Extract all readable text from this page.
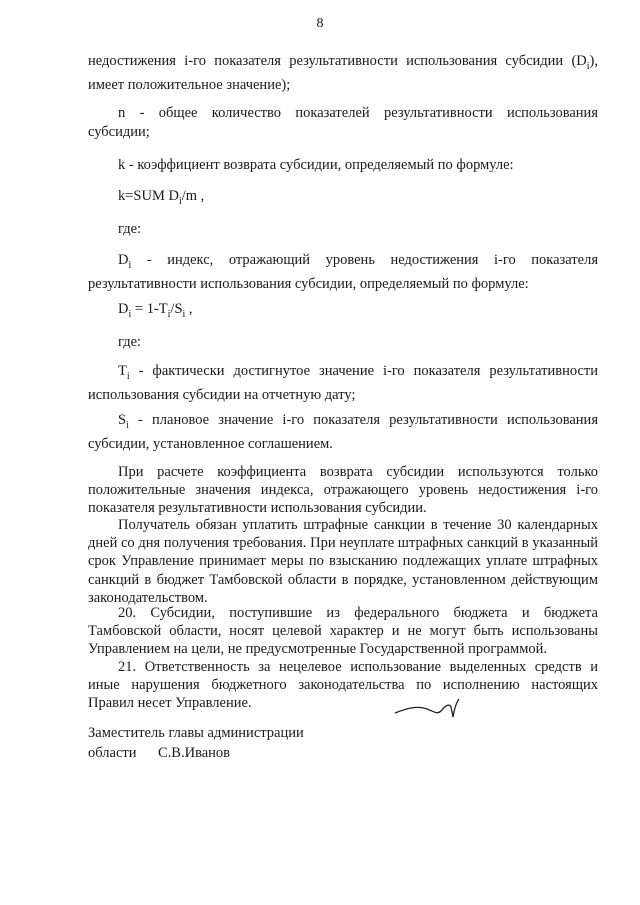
8

недостижения i-го показателя результативности использования субсидии $(D_i)$, имеет положительное значение);

n - общее количество показателей результативности использования субсидии;

k - коэффициент возврата субсидии, определяемый по формуле:

k=SUM $D_i/m$ ,

где:

$D_i$ - индекс, отражающий уровень недостижения i-го показателя результативности использования субсидии, определяемый по формуле:

$D_i = 1-T_i/S_i$ ,

где:

$T_i$ - фактически достигнутое значение i-го показателя результативности использования субсидии на отчетную дату;

$S_i$ - плановое значение i-го показателя результативности использования субсидии, установленное соглашением.

При расчете коэффициента возврата субсидии используются только положительные значения индекса, отражающего уровень недостижения i-го показателя результативности использования субсидии.

Получатель обязан уплатить штрафные санкции в течение 30 календарных дней со дня получения требования. При неуплате штрафных санкций в указанный срок Управление принимает меры по взысканию подлежащих уплате штрафных санкций в бюджет Тамбовской области в порядке, установленном действующим законодательством.

20. Субсидии, поступившие из федерального бюджета и бюджета Тамбовской области, носят целевой характер и не могут быть использованы Управлением на цели, не предусмотренные Государственной программой.

21. Ответственность за нецелевое использование выделенных средств и иные нарушения бюджетного законодательства по исполнению настоящих Правил несет Управление.

Заместитель главы администрации
области С.В.Иванов
